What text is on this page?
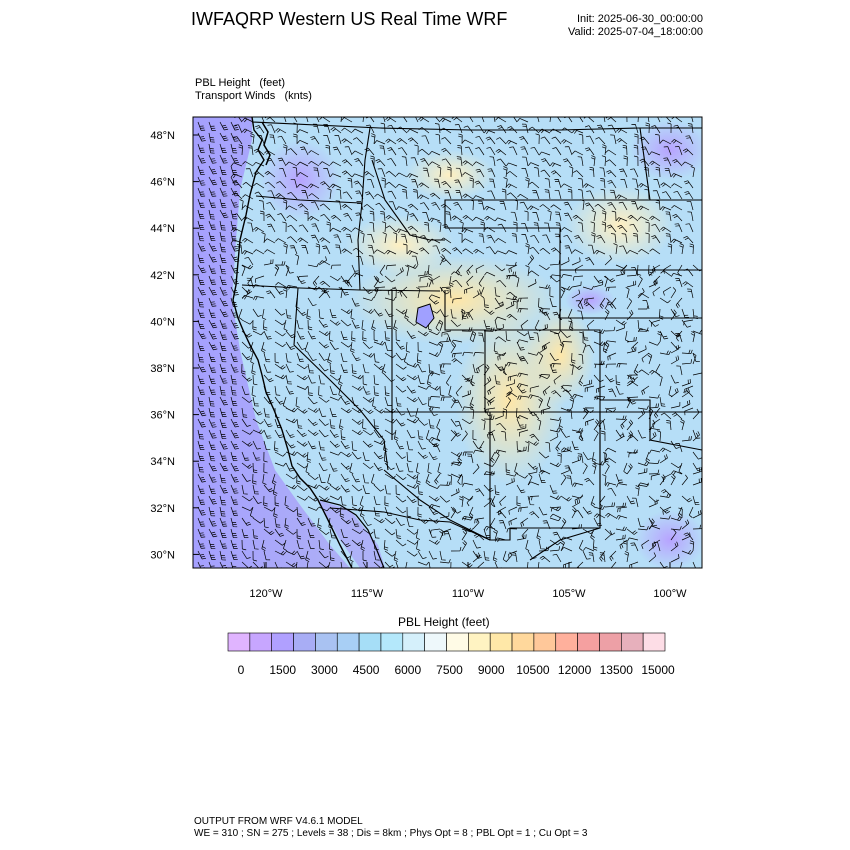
IWFAQRP Western US Real Time WRF	Init: 2025-06-30_00:00:00
Valid: 2025-07-04_18:00:00
PBL Height   (feet)
Transport Winds   (knts)
48°N
46°N
44°N
42°N
40°N
38°N
36°N
34°N
32°N
30°N
120°W	115°W	110°W	105°W	100°W
0 1500 3000 4500 6000 7500 9000 10500 12000 13500 15000
PBL Height (feet)
OUTPUT FROM WRF V4.6.1 MODEL
WE = 310 ; SN = 275 ; Levels = 38 ; Dis = 8km ; Phys Opt = 8 ; PBL Opt = 1 ; Cu Opt = 3
